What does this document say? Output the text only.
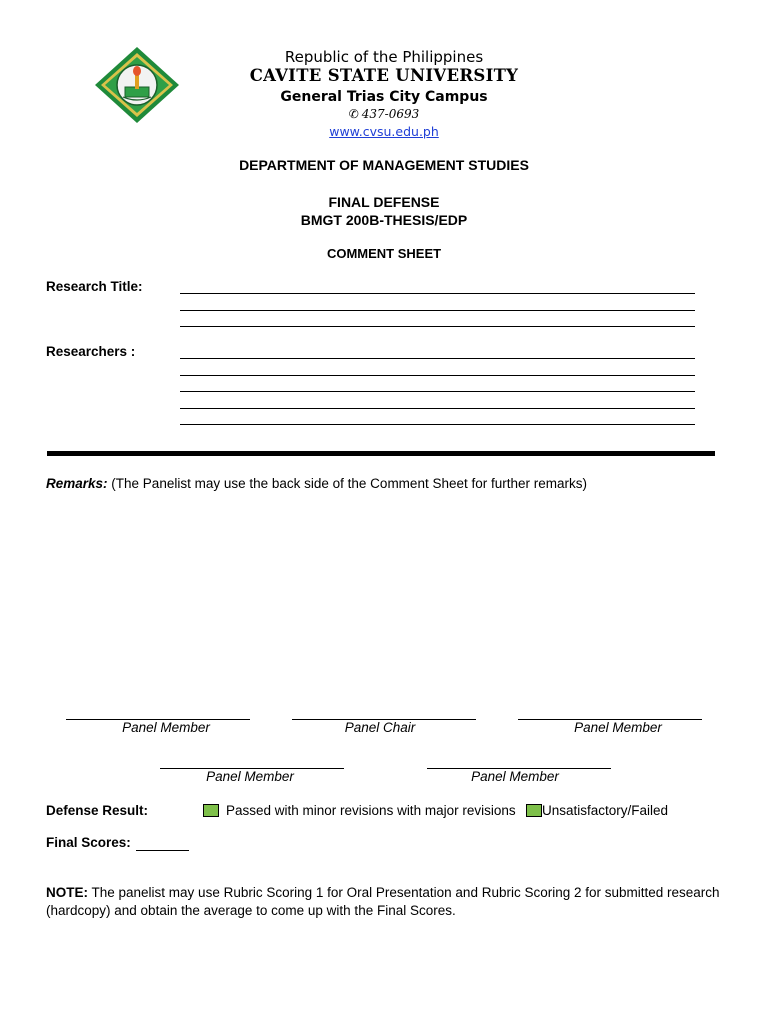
Republic of the Philippines
CAVITE STATE UNIVERSITY
General Trias City Campus
✆ 437-0693
www.cvsu.edu.ph
DEPARTMENT OF MANAGEMENT STUDIES
FINAL DEFENSE
BMGT 200B-THESIS/EDP
COMMENT SHEET
Research Title:
Researchers :
Remarks: (The Panelist may use the back side of the Comment Sheet for further remarks)
Panel Member	Panel Chair	Panel Member
Panel Member	Panel Member
Defense Result:	Passed with minor revisions with major revisions Unsatisfactory/Failed
Final Scores:
NOTE: The panelist may use Rubric Scoring 1 for Oral Presentation and Rubric Scoring 2 for submitted research (hardcopy) and obtain the average to come up with the Final Scores.
